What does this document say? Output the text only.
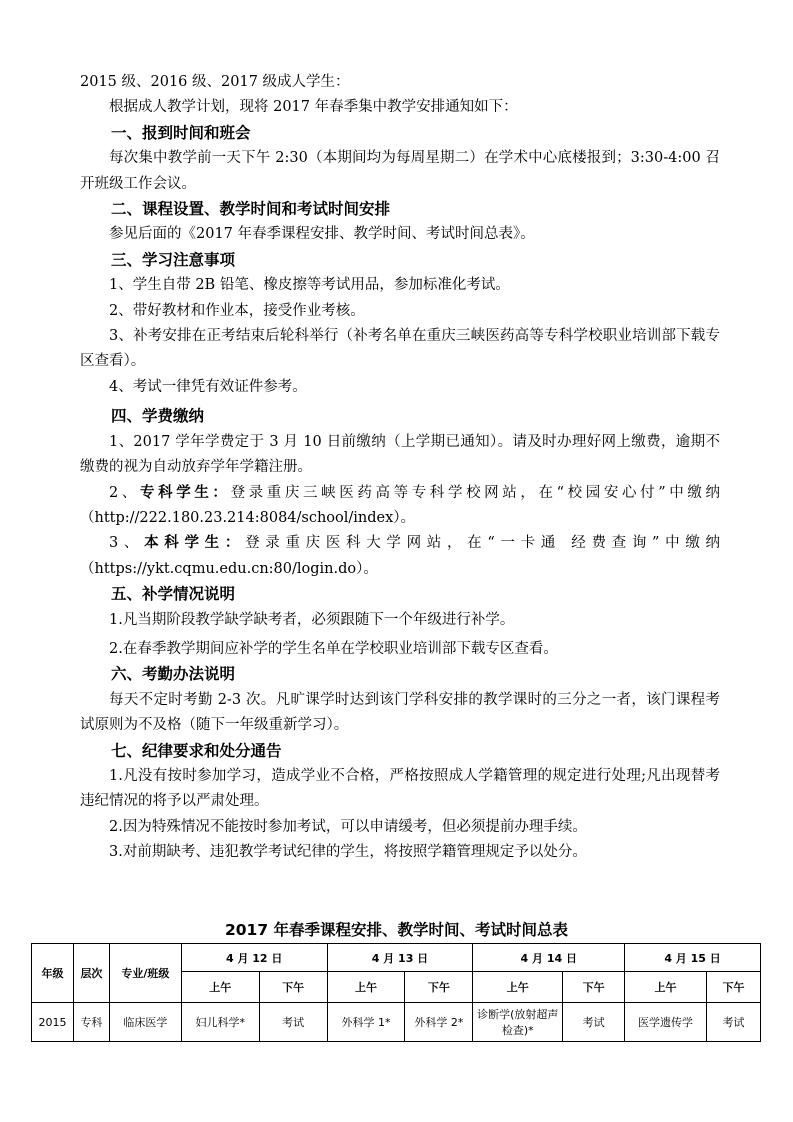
2015 级、2016 级、2017 级成人学生：

根据成人教学计划，现将 2017 年春季集中教学安排通知如下：

一、报到时间和班会

每次集中教学前一天下午 2:30（本期间均为每周星期二）在学术中心底楼报到；3:30-4:00 召开班级工作会议。

二、课程设置、教学时间和考试时间安排

参见后面的《2017 年春季课程安排、教学时间、考试时间总表》。

三、学习注意事项

1、学生自带 2B 铅笔、橡皮擦等考试用品，参加标准化考试。

2、带好教材和作业本，接受作业考核。

3、补考安排在正考结束后轮科举行（补考名单在重庆三峡医药高等专科学校职业培训部下载专区查看）。

4、考试一律凭有效证件参考。

四、学费缴纳

1、2017 学年学费定于 3 月 10 日前缴纳（上学期已通知）。请及时办理好网上缴费，逾期不缴费的视为自动放弃学年学籍注册。

2、专科学生：登录重庆三峡医药高等专科学校网站，在“校园安心付”中缴纳（http://222.180.23.214:8084/school/index）。

3、本科学生：登录重庆医科大学网站，在“一卡通 经费查询”中缴纳（https://ykt.cqmu.edu.cn:80/login.do）。

五、补学情况说明

1.凡当期阶段教学缺学缺考者，必须跟随下一个年级进行补学。

2.在春季教学期间应补学的学生名单在学校职业培训部下载专区查看。

六、考勤办法说明

每天不定时考勤 2-3 次。凡旷课学时达到该门学科安排的教学课时的三分之一者，该门课程考试原则为不及格（随下一年级重新学习）。

七、纪律要求和处分通告

1.凡没有按时参加学习，造成学业不合格，严格按照成人学籍管理的规定进行处理;凡出现替考违纪情况的将予以严肃处理。

2.因为特殊情况不能按时参加考试，可以申请缓考，但必须提前办理手续。

3.对前期缺考、违犯教学考试纪律的学生，将按照学籍管理规定予以处分。

2017 年春季课程安排、教学时间、考试时间总表
年级	层次	专业/班级	4 月 12 日		4 月 13 日		4 月 14 日		4 月 15 日	
			上午	下午	上午	下午	上午	下午	上午	下午
2015	专科	临床医学	妇儿科学*	考试	外科学 1*	外科学 2*	诊断学(放射超声检查)*	考试	医学遗传学	考试
